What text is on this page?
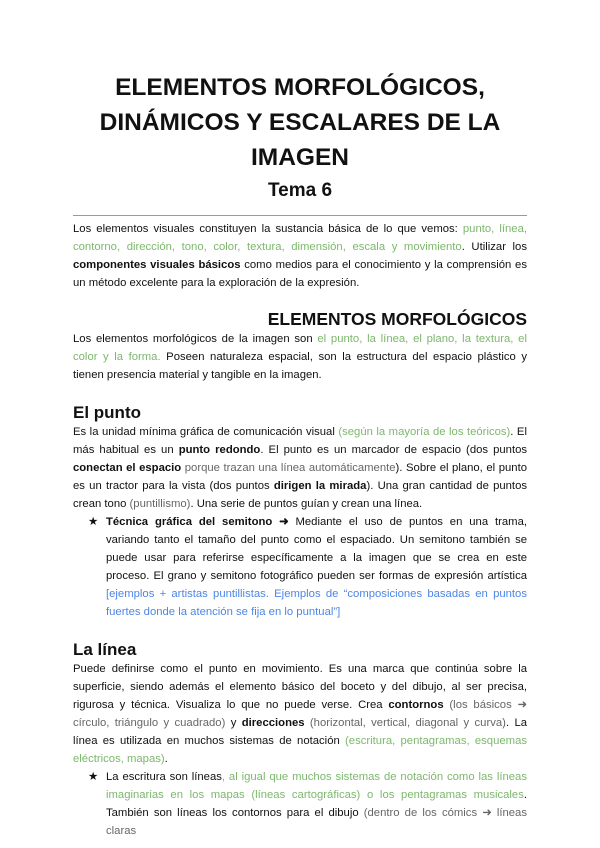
ELEMENTOS MORFOLÓGICOS, DINÁMICOS Y ESCALARES DE LA IMAGEN
Tema 6

Los elementos visuales constituyen la sustancia básica de lo que vemos: punto, línea, contorno, dirección, tono, color, textura, dimensión, escala y movimiento. Utilizar los componentes visuales básicos como medios para el conocimiento y la comprensión es un método excelente para la exploración de la expresión.

ELEMENTOS MORFOLÓGICOS

Los elementos morfológicos de la imagen son el punto, la línea, el plano, la textura, el color y la forma. Poseen naturaleza espacial, son la estructura del espacio plástico y tienen presencia material y tangible en la imagen.

El punto

Es la unidad mínima gráfica de comunicación visual (según la mayoría de los teóricos). El más habitual es un punto redondo. El punto es un marcador de espacio (dos puntos conectan el espacio porque trazan una línea automáticamente). Sobre el plano, el punto es un tractor para la vista (dos puntos dirigen la mirada). Una gran cantidad de puntos crean tono (puntillismo). Una serie de puntos guían y crean una línea.

★ Técnica gráfica del semitono ➜ Mediante el uso de puntos en una trama, variando tanto el tamaño del punto como el espaciado. Un semitono también se puede usar para referirse específicamente a la imagen que se crea en este proceso. El grano y semitono fotográfico pueden ser formas de expresión artística [ejemplos + artistas puntillistas. Ejemplos de “composiciones basadas en puntos fuertes donde la atención se fija en lo puntual”]
La línea

Puede definirse como el punto en movimiento. Es una marca que continúa sobre la superficie, siendo además el elemento básico del boceto y del dibujo, al ser precisa, rigurosa y técnica. Visualiza lo que no puede verse. Crea contornos (los básicos ➜ círculo, triángulo y cuadrado) y direcciones (horizontal, vertical, diagonal y curva). La línea es utilizada en muchos sistemas de notación (escritura, pentagramas, esquemas eléctricos, mapas).

★ La escritura son líneas, al igual que muchos sistemas de notación como las líneas imaginarias en los mapas (líneas cartográficas) o los pentagramas musicales. También son líneas los contornos para el dibujo (dentro de los cómics ➜ líneas claras
